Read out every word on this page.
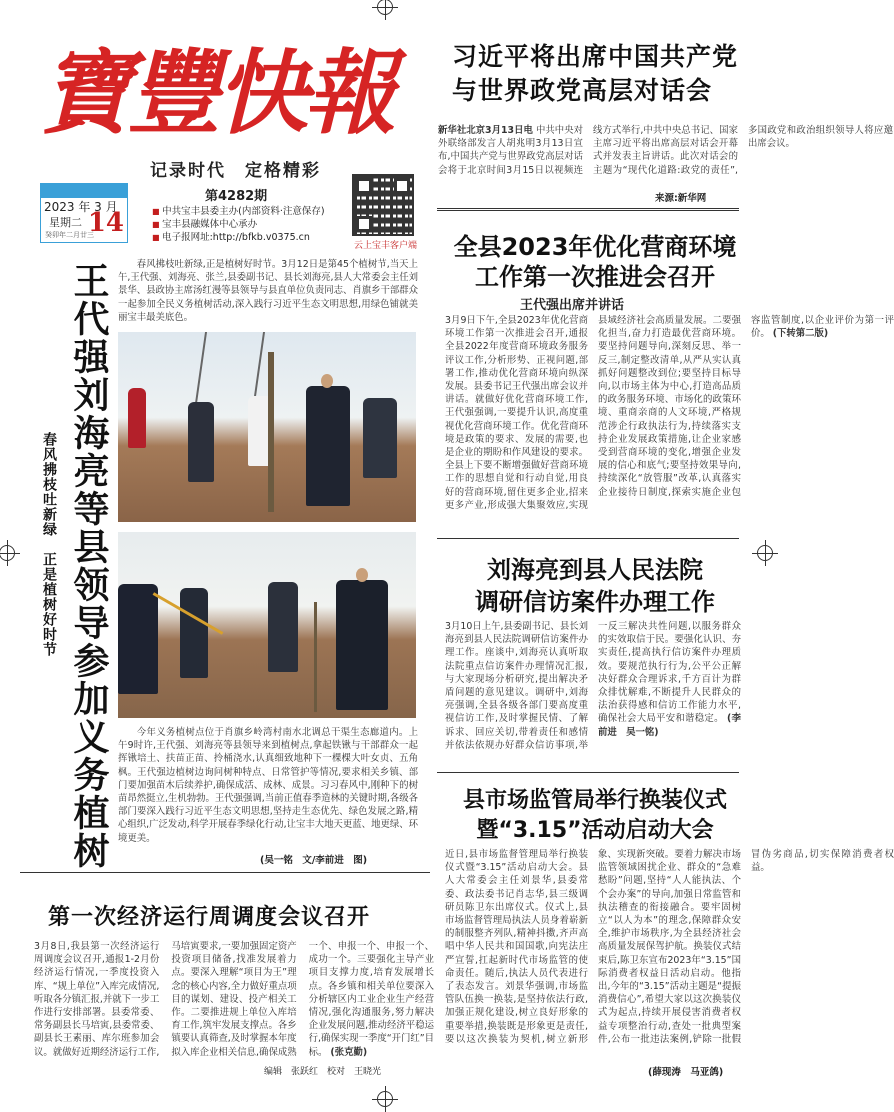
寶豐快報
记录时代　定格精彩
2023 年 3 月
星期二
癸卯年二月廿三
14
第4282期
■ 中共宝丰县委主办(内部资料·注意保存)
■ 宝丰县融媒体中心承办
■ 电子报网址:http://bfkb.v0375.cn
云上宝丰客户端
习近平将出席中国共产党
与世界政党高层对话会
新华社北京3月13日电 中共中央对外联络部发言人胡兆明3月13日宣布,中国共产党与世界政党高层对话会将于北京时间3月15日以视频连线方式举行,中共中央总书记、国家主席习近平将出席高层对话会开幕式并发表主旨讲话。此次对话会的主题为“现代化道路:政党的责任”,多国政党和政治组织领导人将应邀出席会议。
来源:新华网
全县2023年优化营商环境
工作第一次推进会召开
王代强出席并讲话
3月9日下午,全县2023年优化营商环境工作第一次推进会召开,通报全县2022年度营商环境政务服务评议工作,分析形势、正视问题,部署工作,推动优化营商环境向纵深发展。县委书记王代强出席会议并讲话。就做好优化营商环境工作,王代强强调,一要提升认识,高度重视优化营商环境工作。优化营商环境是政策的要求、发展的需要,也是企业的期盼和作风建设的要求。全县上下要不断增强做好营商环境工作的思想自觉和行动自觉,用良好的营商环境,留住更多企业,招来更多产业,形成强大集聚效应,实现县域经济社会高质量发展。二要强化担当,奋力打造最优营商环境。要坚持问题导向,深刻反思、举一反三,制定整改清单,从严从实认真抓好问题整改到位;要坚持目标导向,以市场主体为中心,打造高品质的政务服务环境、市场化的政策环境、重商亲商的人文环境,严格规范涉企行政执法行为,持续落实支持企业发展政策措施,让企业家感受到营商环境的变化,增强企业发展的信心和底气;要坚持效果导向,持续深化“放管服”改革,认真落实企业接待日制度,探索实施企业包容监管制度,以企业评价为第一评价。 (下转第二版)
刘海亮到县人民法院
调研信访案件办理工作
3月10日上午,县委副书记、县长刘海亮到县人民法院调研信访案件办理工作。座谈中,刘海亮认真听取法院重点信访案件办理情况汇报,与大家现场分析研究,提出解决矛盾问题的意见建议。调研中,刘海亮强调,全县各级各部门要高度重视信访工作,及时掌握民情、了解诉求、回应关切,带着责任和感情并依法依规办好群众信访事项,举一反三解决共性问题,以服务群众的实效取信于民。要强化认识、夯实责任,提高执行信访案件办理质效。要规范执行行为,公平公正解决好群众合理诉求,千方百计为群众排忧解难,不断提升人民群众的法治获得感和信访工作能力水平,确保社会大局平安和谐稳定。 (李前进　吴一铭)
县市场监管局举行换装仪式
暨“3.15”活动启动大会
近日,县市场监督管理局举行换装仪式暨“3.15”活动启动大会。县人大常委会主任刘景华,县委常委、政法委书记肖志华,县三级调研员陈卫东出席仪式。仪式上,县市场监督管理局执法人员身着崭新的制服整齐列队,精神抖擞,齐声高唱中华人民共和国国歌,向宪法庄严宣誓,扛起新时代市场监管的使命责任。随后,执法人员代表进行了表态发言。刘景华强调,市场监管队伍换一换装,是坚持依法行政,加强正规化建设,树立良好形象的重要举措,换装既是形象更是责任,要以这次换装为契机,树立新形象、实现新突破。要着力解决市场监管领域困扰企业、群众的“急难愁盼”问题,坚持“人人能执法、个个会办案”的导向,加强日常监管和执法稽查的衔接融合。要牢固树立“以人为本”的理念,保障群众安全,维护市场秩序,为全县经济社会高质量发展保驾护航。换装仪式结束后,陈卫东宣布2023年“3.15”国际消费者权益日活动启动。他指出,今年的“3.15”活动主题是“提振消费信心”,希望大家以这次换装仪式为起点,持续开展侵害消费者权益专项整治行动,查处一批典型案件,公布一批违法案例,铲除一批假冒伪劣商品,切实保障消费者权益。
(薛现涛　马亚鸽)
王代强刘海亮等县领导参加义务植树
春风拂枝吐新绿　正是植树好时节
春风拂枝吐新绿,正是植树好时节。3月12日是第45个植树节,当天上午,王代强、刘海亮、张兰,县委副书记、县长刘海亮,县人大常委会主任刘景华、县政协主席汤红漫等县领导与县直单位负责同志、肖旗乡干部群众一起参加全民义务植树活动,深入践行习近平生态文明思想,用绿色铺就美丽宝丰最美底色。
今年义务植树点位于肖旗乡岭湾村南水北调总干渠生态廊道内。上午9时许,王代强、刘海亮等县领导来到植树点,拿起铁锹与干部群众一起挥锹培土、扶苗正苗、拎桶浇水,认真细致地种下一棵棵大叶女贞、五角枫。王代强边植树边询问树种特点、日常管护等情况,要求相关乡镇、部门要加强苗木后续养护,确保成活、成林、成景。习习春风中,刚种下的树苗昂然挺立,生机勃勃。王代强强调,当前正值春季造林的关键时期,各级各部门要深入践行习近平生态文明思想,坚持走生态优先、绿色发展之路,精心组织,广泛发动,科学开展春季绿化行动,让宝丰大地天更蓝、地更绿、环境更美。
(吴一铭　文/李前进　图)
第一次经济运行周调度会议召开
3月8日,我县第一次经济运行周调度会议召开,通报1-2月份经济运行情况,一季度投资入库、“规上单位”入库完成情况,听取各分镇汇报,并就下一步工作进行安排部署。县委常委、常务副县长马培寅,县委常委、副县长王素丽、库尔班参加会议。就做好近期经济运行工作,马培寅要求,一要加强固定资产投资项目储备,找准发展着力点。要深入理解“项目为王”理念的核心内容,全力做好重点项目的谋划、建设、投产相关工作。二要推进规上单位入库培育工作,筑牢发展支撑点。各乡镇要认真筛查,及时掌握本年度拟入库企业相关信息,确保成熟一个、申报一个、申报一个、成功一个。三要强化主导产业项目支撑力度,培育发展增长点。各乡镇和相关单位要深入分析辖区内工业企业生产经营情况,强化沟通服务,努力解决企业发展问题,推动经济平稳运行,确保实现一季度“开门红”目标。 (张克勤)
编辑　张跃红　校对　王晓光
